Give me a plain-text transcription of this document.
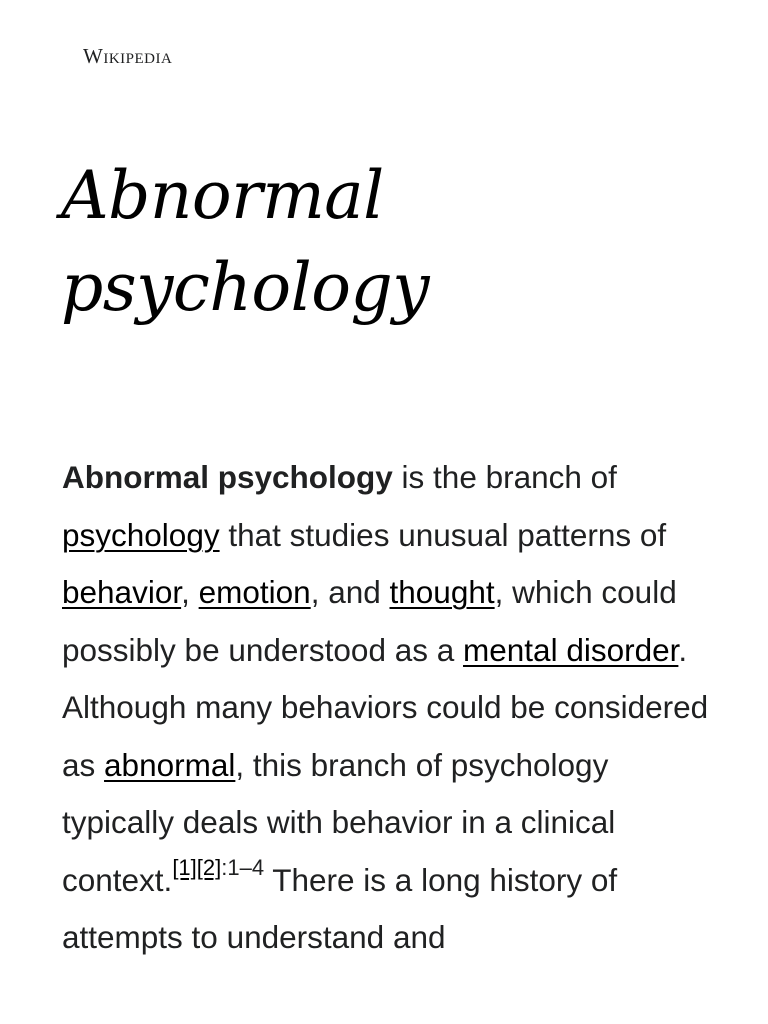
Wikipedia
Abnormal
psychology

Abnormal psychology is the branch of psychology that studies unusual patterns of behavior, emotion, and thought, which could possibly be understood as a mental disorder. Although many behaviors could be considered as abnormal, this branch of psychology typically deals with behavior in a clinical context.$^{[1][2]:1-4}$ There is a long history of attempts to understand and
